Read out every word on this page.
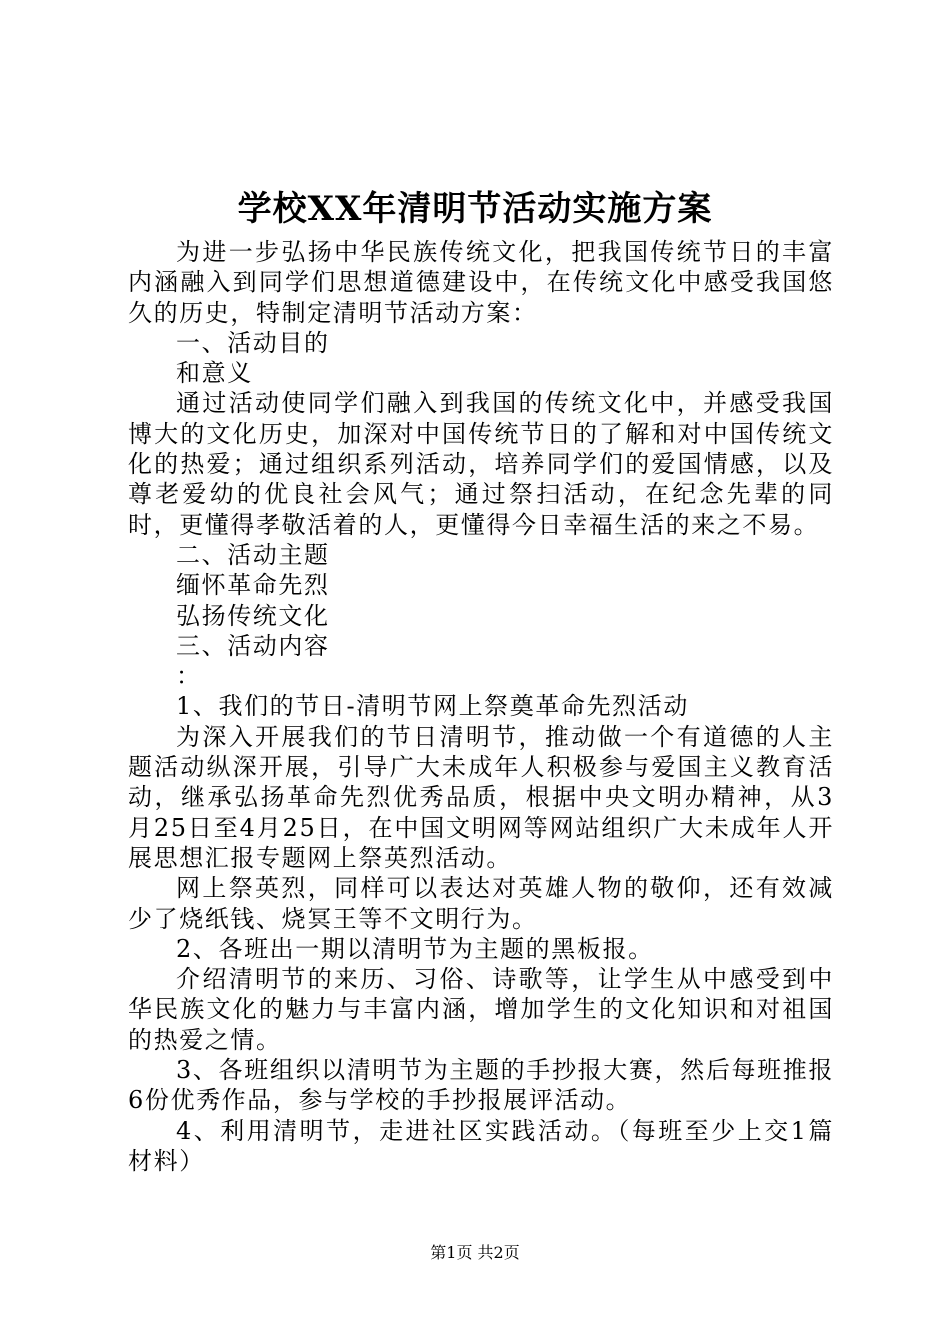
学校XX年清明节活动实施方案

为进一步弘扬中华民族传统文化，把我国传统节日的丰富内涵融入到同学们思想道德建设中，在传统文化中感受我国悠久的历史，特制定清明节活动方案：

一、活动目的

和意义

通过活动使同学们融入到我国的传统文化中，并感受我国博大的文化历史，加深对中国传统节日的了解和对中国传统文化的热爱；通过组织系列活动，培养同学们的爱国情感，以及尊老爱幼的优良社会风气；通过祭扫活动，在纪念先辈的同时，更懂得孝敬活着的人，更懂得今日幸福生活的来之不易。

二、活动主题

缅怀革命先烈

弘扬传统文化

三、活动内容

：

1、我们的节日-清明节网上祭奠革命先烈活动

为深入开展我们的节日清明节，推动做一个有道德的人主题活动纵深开展，引导广大未成年人积极参与爱国主义教育活动，继承弘扬革命先烈优秀品质，根据中央文明办精神，从3月25日至4月25日，在中国文明网等网站组织广大未成年人开展思想汇报专题网上祭英烈活动。

网上祭英烈，同样可以表达对英雄人物的敬仰，还有效减少了烧纸钱、烧冥王等不文明行为。

2、各班出一期以清明节为主题的黑板报。

介绍清明节的来历、习俗、诗歌等，让学生从中感受到中华民族文化的魅力与丰富内涵，增加学生的文化知识和对祖国的热爱之情。

3、各班组织以清明节为主题的手抄报大赛，然后每班推报6份优秀作品，参与学校的手抄报展评活动。

4、利用清明节，走进社区实践活动。（每班至少上交1篇材料）

第1页 共2页
